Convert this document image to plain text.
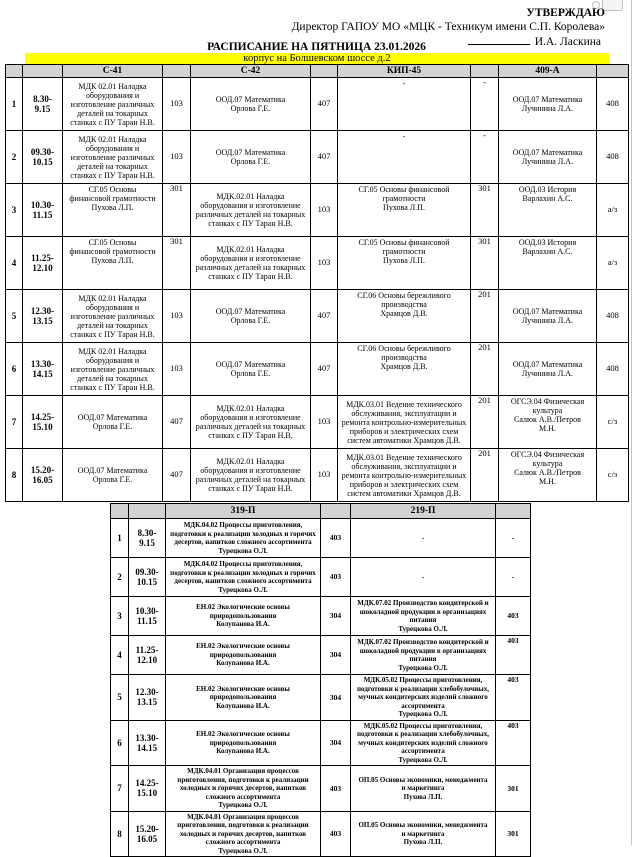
УТВЕРЖДАЮ
Директор ГАПОУ МО «МЦК - Техникум имени С.П. Королева»
И.А. Ласкина
РАСПИСАНИЕ НА ПЯТНИЦА 23.01.2026
корпус на Болшевском шоссе д.2
		С-41		С-42		КИП-45		409-А	
1	8.30-
9.15	МДК 02.01 Наладка оборудования и изготовление различных деталей на токарных станках с ПУ Таран Н.В.	103	ООД.07 Математика
Орлова Г.Е.	407	-	-	ООД.07 Математика
Лучинина Л.А.	408
2	09.30-
10.15	МДК 02.01 Наладка оборудования и изготовление различных деталей на токарных станках с ПУ Таран Н.В.	103	ООД.07 Математика
Орлова Г.Е.	407	-	-	ООД.07 Математика
Лучинина Л.А.	408
3	10.30-
11.15	СГ.05 Основы
финансовой грамотности
Пухова Л.П.	301	МДК.02.01 Наладка оборудования и изготовление различных деталей на токарных станках с ПУ Таран Н.В.	103	СГ.05 Основы финансовой
грамотности
Пухова Л.П.	301	ООД.03 История
Варлахин А.С.	а/з
4	11.25-
12.10	СГ.05 Основы
финансовой грамотности
Пухова Л.П.	301	МДК.02.01 Наладка оборудования и изготовление различных деталей на токарных станках с ПУ Таран Н.В.	103	СГ.05 Основы финансовой
грамотности
Пухова Л.П.	301	ООД.03 История
Варлахин А.С.	а/з
5	12.30-
13.15	МДК 02.01 Наладка оборудования и изготовление различных деталей на токарных станках с ПУ Таран Н.В.	103	ООД.07 Математика
Орлова Г.Е.	407	СГ.06 Основы бережливого
производства
Храмцов Д.В.	201	ООД.07 Математика
Лучинина Л.А.	408
6	13.30-
14.15	МДК 02.01 Наладка оборудования и изготовление различных деталей на токарных станках с ПУ Таран Н.В.	103	ООД.07 Математика
Орлова Г.Е.	407	СГ.06 Основы бережливого
производства
Храмцов Д.В.	201	ООД.07 Математика
Лучинина Л.А.	408
7	14.25-
15.10	ООД.07 Математика
Орлова Г.Е.	407	МДК.02.01 Наладка оборудования и изготовление различных деталей на токарных станках с ПУ Таран Н.В.	103	МДК.03.01 Ведение технического обслуживания, эксплуатации и ремонта контрольно-измерительных приборов и электрических схем систем автоматики Храмцов Д.В.	201	ОГСЭ.04 Физическая
культура
Салюк А.В./Петров
М.Н.	с/з
8	15.20-
16.05	ООД.07 Математика
Орлова Г.Е.	407	МДК.02.01 Наладка оборудования и изготовление различных деталей на токарных станках с ПУ Таран Н.В.	103	МДК.03.01 Ведение технического обслуживания, эксплуатации и ремонта контрольно-измерительных приборов и электрических схем систем автоматики Храмцов Д.В.	201	ОГСЭ.04 Физическая
культура
Салюк А.В./Петров
М.Н.	с/з
		319-П		219-П	
1	8.30-
9.15	МДК.04.02 Процессы приготовления, подготовки к реализации холодных и горячих десертов, напитков сложного ассортимента
Турецкова О.Л.	403	-	-
2	09.30-
10.15	МДК.04.02 Процессы приготовления, подготовки к реализации холодных и горячих десертов, напитков сложного ассортимента
Турецкова О.Л.	403	-	-
3	10.30-
11.15	ЕН.02 Экологические основы
природопользования
Колупанова И.А.	304	МДК.07.02 Производство кондитерской и шоколадной продукции в организациях питания
Турецкова О.Л.	403
4	11.25-
12.10	ЕН.02 Экологические основы
природопользования
Колупанова И.А.	304	МДК.07.02 Производство кондитерской и шоколадной продукции в организациях питания
Турецкова О.Л.	403
5	12.30-
13.15	ЕН.02 Экологические основы
природопользования
Колупанова И.А.	304	МДК.05.02 Процессы приготовления, подготовки к реализации хлебобулочных, мучных кондитерских изделий сложного ассортимента
Турецкова О.Л.	403
6	13.30-
14.15	ЕН.02 Экологические основы
природопользования
Колупанова И.А.	304	МДК.05.02 Процессы приготовления, подготовки к реализации хлебобулочных, мучных кондитерских изделий сложного ассортимента
Турецкова О.Л.	403
7	14.25-
15.10	МДК.04.01 Организация процессов приготовления, подготовки к реализации холодных и горячих десертов, напитков сложного ассортимента
Турецкова О.Л.	403	ОП.05 Основы экономики, менеджмента
и маркетинга
Пухова Л.П.	301
8	15.20-
16.05	МДК.04.01 Организация процессов приготовления, подготовки к реализации холодных и горячих десертов, напитков сложного ассортимента
Турецкова О.Л.	403	ОП.05 Основы экономики, менеджмента
и маркетинга
Пухова Л.П.	301
